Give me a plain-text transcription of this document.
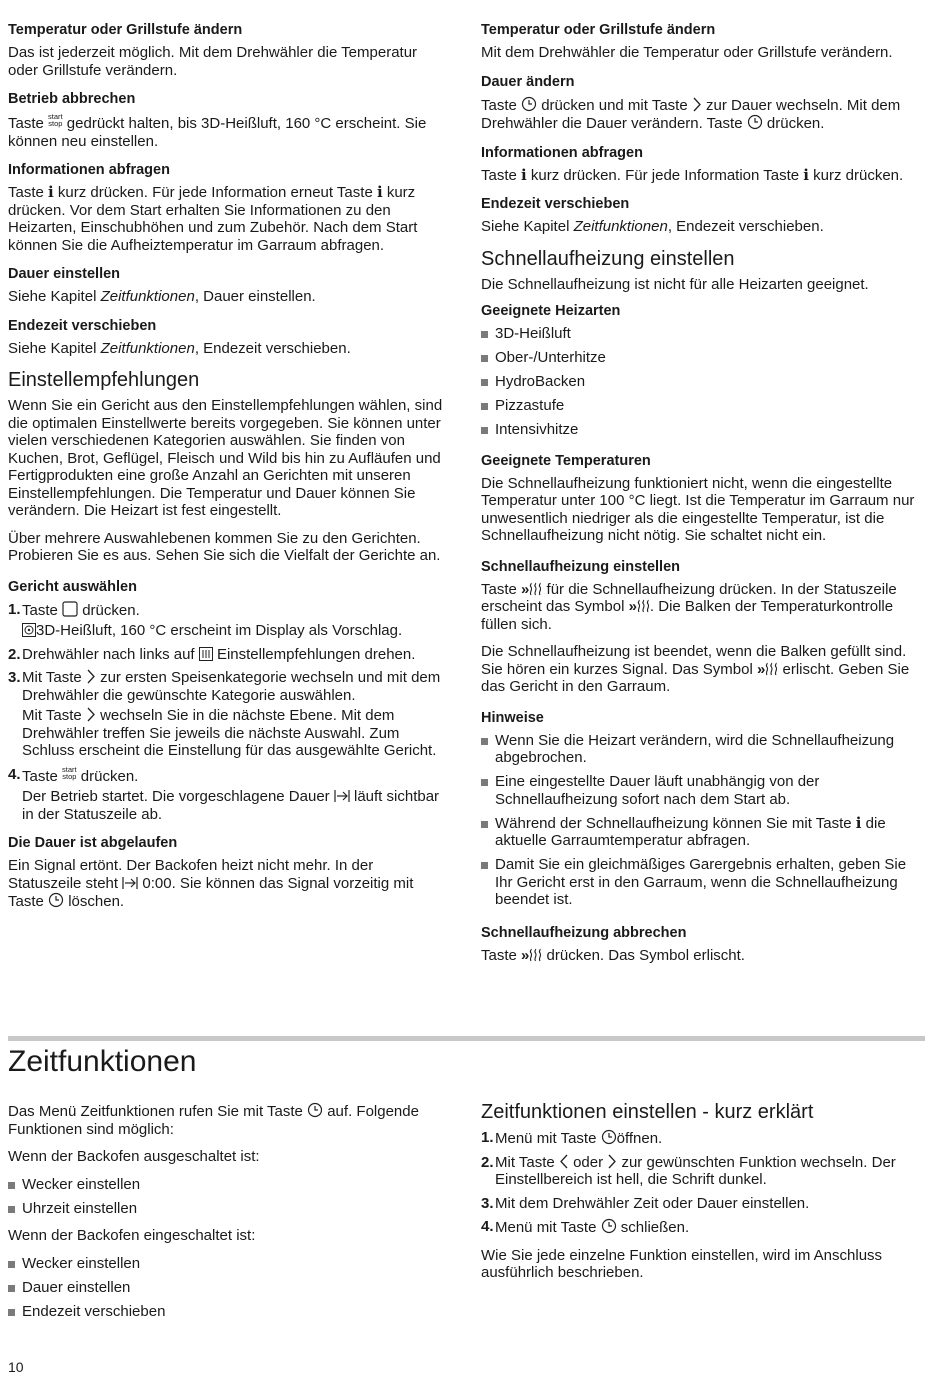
Temperatur oder Grillstufe ändern

Das ist jederzeit möglich. Mit dem Drehwähler die Temperatur oder Grillstufe verändern.

Betrieb abbrechen

Taste start
stop gedrückt halten, bis 3D-Heißluft, 160 °C erscheint. Sie können neu einstellen.

Informationen abfragen

Taste i kurz drücken. Für jede Information erneut Taste i kurz drücken. Vor dem Start erhalten Sie Informationen zu den Heizarten, Einschubhöhen und zum Zubehör. Nach dem Start können Sie die Aufheiztemperatur im Garraum abfragen.

Dauer einstellen

Siehe Kapitel Zeitfunktionen, Dauer einstellen.

Endezeit verschieben

Siehe Kapitel Zeitfunktionen, Endezeit verschieben.

Einstellempfehlungen

Wenn Sie ein Gericht aus den Einstellempfehlungen wählen, sind die optimalen Einstellwerte bereits vorgegeben. Sie können unter vielen verschiedenen Kategorien auswählen. Sie finden von Kuchen, Brot, Geflügel, Fleisch und Wild bis hin zu Aufläufen und Fertigprodukten eine große Anzahl an Gerichten mit unseren Einstellempfehlungen. Die Temperatur und Dauer können Sie verändern. Die Heizart ist fest eingestellt.

Über mehrere Auswahlebenen kommen Sie zu den Gerichten. Probieren Sie es aus. Sehen Sie sich die Vielfalt der Gerichte an.

Gericht auswählen
1. Taste drücken.
3D-Heißluft, 160 °C erscheint im Display als Vorschlag.
2. Drehwähler nach links auf Einstellempfehlungen drehen.
3. Mit Taste zur ersten Speisenkategorie wechseln und mit dem Drehwähler die gewünschte Kategorie auswählen.
Mit Taste wechseln Sie in die nächste Ebene. Mit dem Drehwähler treffen Sie jeweils die nächste Auswahl. Zum Schluss erscheint die Einstellung für das ausgewählte Gericht.
4. Taste start
stop drücken.
Der Betrieb startet. Die vorgeschlagene Dauer läuft sichtbar in der Statuszeile ab.
Die Dauer ist abgelaufen

Ein Signal ertönt. Der Backofen heizt nicht mehr. In der Statuszeile steht 0:00. Sie können das Signal vorzeitig mit Taste löschen.

Temperatur oder Grillstufe ändern

Mit dem Drehwähler die Temperatur oder Grillstufe verändern.

Dauer ändern

Taste drücken und mit Taste zur Dauer wechseln. Mit dem Drehwähler die Dauer verändern. Taste drücken.

Informationen abfragen

Taste i kurz drücken. Für jede Information Taste i kurz drücken.

Endezeit verschieben

Siehe Kapitel Zeitfunktionen, Endezeit verschieben.

Schnellaufheizung einstellen

Die Schnellaufheizung ist nicht für alle Heizarten geeignet.

Geeignete Heizarten
3D-Heißluft
Ober-/Unterhitze
HydroBacken
Pizzastufe
Intensivhitze
Geeignete Temperaturen

Die Schnellaufheizung funktioniert nicht, wenn die eingestellte Temperatur unter 100 °C liegt. Ist die Temperatur im Garraum nur unwesentlich niedriger als die eingestellte Temperatur, ist die Schnellaufheizung nicht nötig. Sie schaltet nicht ein.

Schnellaufheizung einstellen

Taste » für die Schnellaufheizung drücken. In der Statuszeile erscheint das Symbol » . Die Balken der Temperaturkontrolle füllen sich.

Die Schnellaufheizung ist beendet, wenn die Balken gefüllt sind. Sie hören ein kurzes Signal. Das Symbol » erlischt. Geben Sie das Gericht in den Garraum.

Hinweise
Wenn Sie die Heizart verändern, wird die Schnellaufheizung abgebrochen.
Eine eingestellte Dauer läuft unabhängig von der Schnellaufheizung sofort nach dem Start ab.
Während der Schnellaufheizung können Sie mit Taste i die aktuelle Garraumtemperatur abfragen.
Damit Sie ein gleichmäßiges Garergebnis erhalten, geben Sie Ihr Gericht erst in den Garraum, wenn die Schnellaufheizung beendet ist.
Schnellaufheizung abbrechen

Taste » drücken. Das Symbol erlischt.

Zeitfunktionen

Das Menü Zeitfunktionen rufen Sie mit Taste auf. Folgende Funktionen sind möglich:

Wenn der Backofen ausgeschaltet ist:

Wecker einstellen
Uhrzeit einstellen

Wenn der Backofen eingeschaltet ist:

Wecker einstellen
Dauer einstellen
Endezeit verschieben
Zeitfunktionen einstellen - kurz erklärt
1. Menü mit Taste öffnen.
2. Mit Taste oder zur gewünschten Funktion wechseln. Der Einstellbereich ist hell, die Schrift dunkel.
3. Mit dem Drehwähler Zeit oder Dauer einstellen.
4. Menü mit Taste schließen.

Wie Sie jede einzelne Funktion einstellen, wird im Anschluss ausführlich beschrieben.

10
